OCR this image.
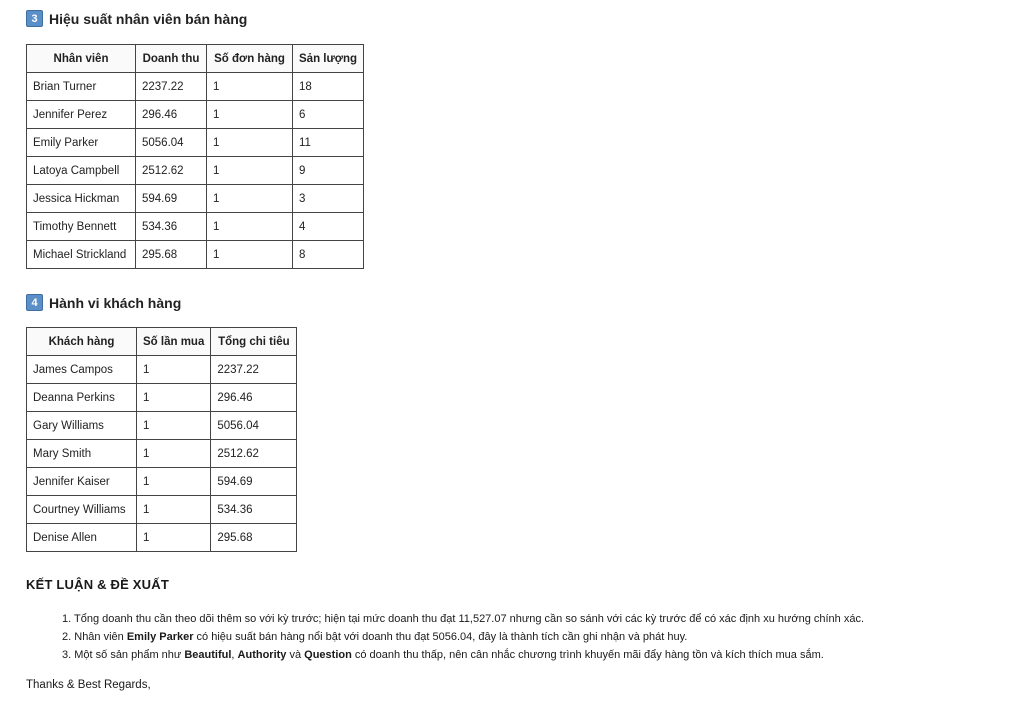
3 Hiệu suất nhân viên bán hàng
Nhân viên	Doanh thu	Số đơn hàng	Sản lượng
Brian Turner	2237.22	1	18
Jennifer Perez	296.46	1	6
Emily Parker	5056.04	1	11
Latoya Campbell	2512.62	1	9
Jessica Hickman	594.69	1	3
Timothy Bennett	534.36	1	4
Michael Strickland	295.68	1	8
4 Hành vi khách hàng
Khách hàng	Số lần mua	Tổng chi tiêu
James Campos	1	2237.22
Deanna Perkins	1	296.46
Gary Williams	1	5056.04
Mary Smith	1	2512.62
Jennifer Kaiser	1	594.69
Courtney Williams	1	534.36
Denise Allen	1	295.68
KẾT LUẬN & ĐỀ XUẤT
1. Tổng doanh thu cần theo dõi thêm so với kỳ trước; hiện tại mức doanh thu đạt 11,527.07 nhưng cần so sánh với các kỳ trước để có xác định xu hướng chính xác.
2. Nhân viên Emily Parker có hiệu suất bán hàng nổi bật với doanh thu đạt 5056.04, đây là thành tích cần ghi nhận và phát huy.
3. Một số sản phẩm như Beautiful, Authority và Question có doanh thu thấp, nên cân nhắc chương trình khuyến mãi đẩy hàng tồn và kích thích mua sắm.
Thanks & Best Regards,
